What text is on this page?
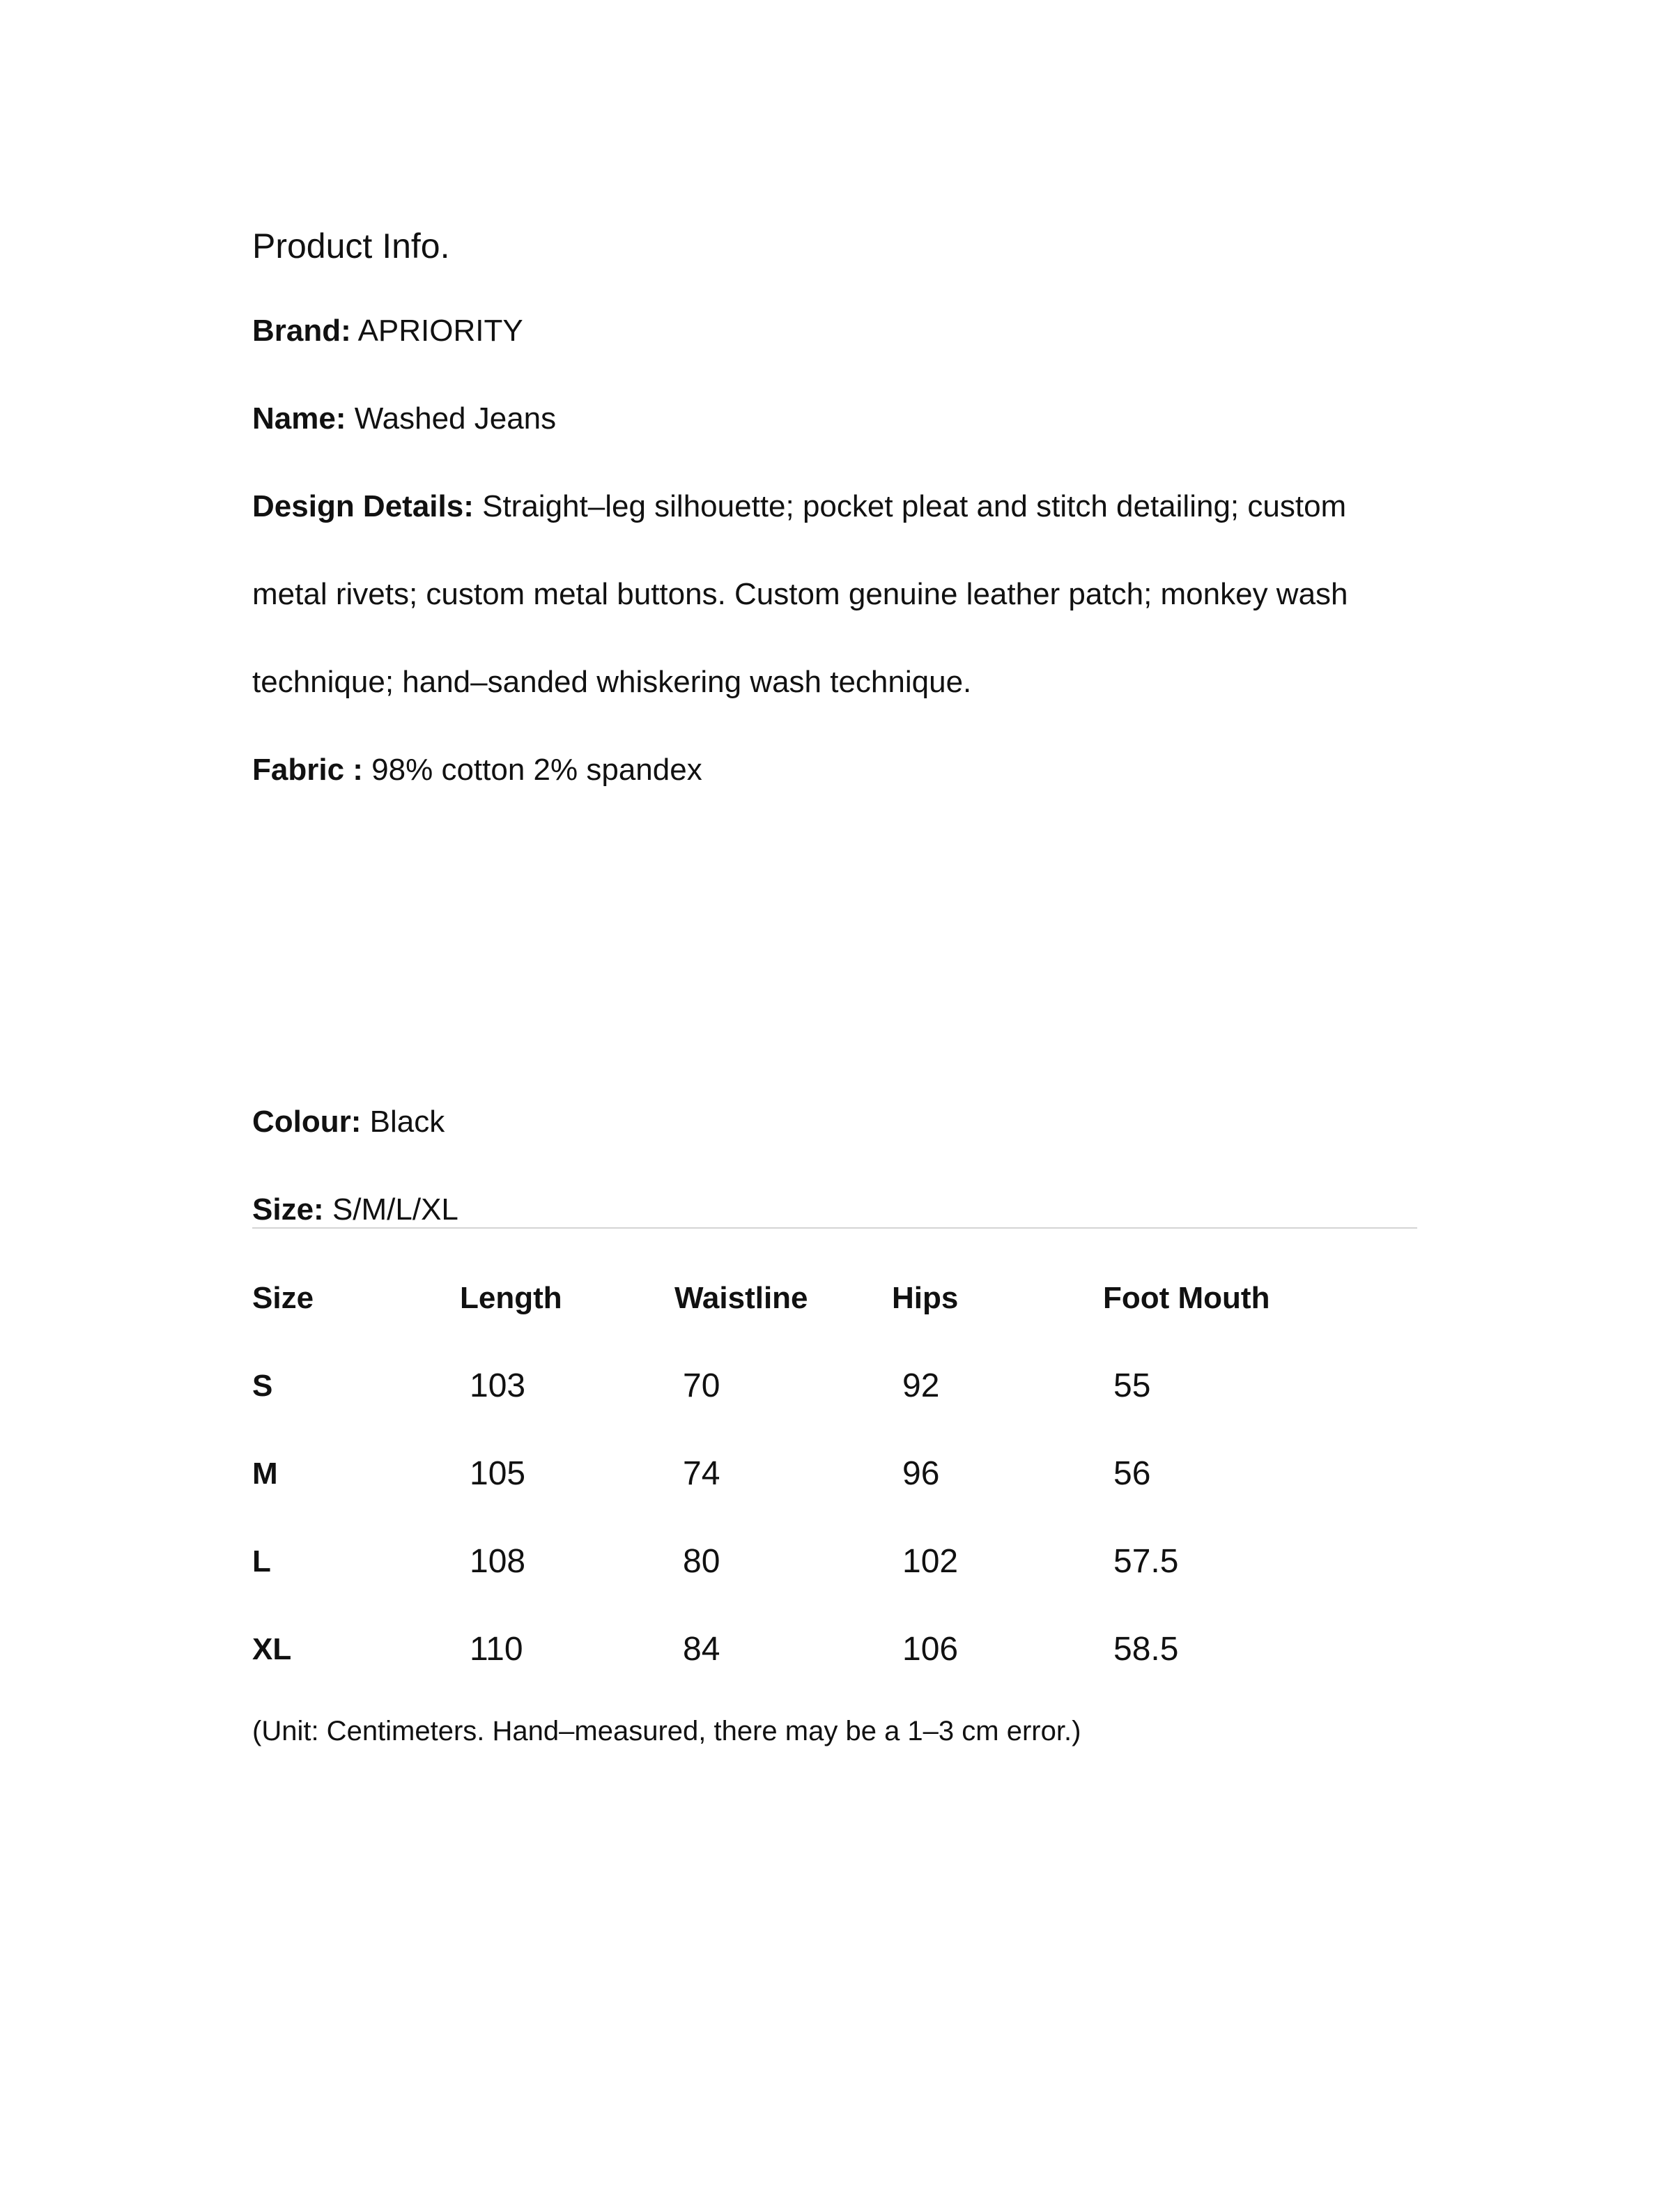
Product Info.
Brand: APRIORITY
Name: Washed Jeans
Design Details: Straight–leg silhouette; pocket pleat and stitch detailing; custom
metal rivets; custom metal buttons. Custom genuine leather patch; monkey wash
technique; hand–sanded whiskering wash technique.
Fabric : 98% cotton 2% spandex
Colour: Black
Size: S/M/L/XL
Size	Length	Waistline	Hips	Foot Mouth
S	103	70	92	55
M	105	74	96	56
L	108	80	102	57.5
XL	110	84	106	58.5
(Unit: Centimeters. Hand–measured, there may be a 1–3 cm error.)
